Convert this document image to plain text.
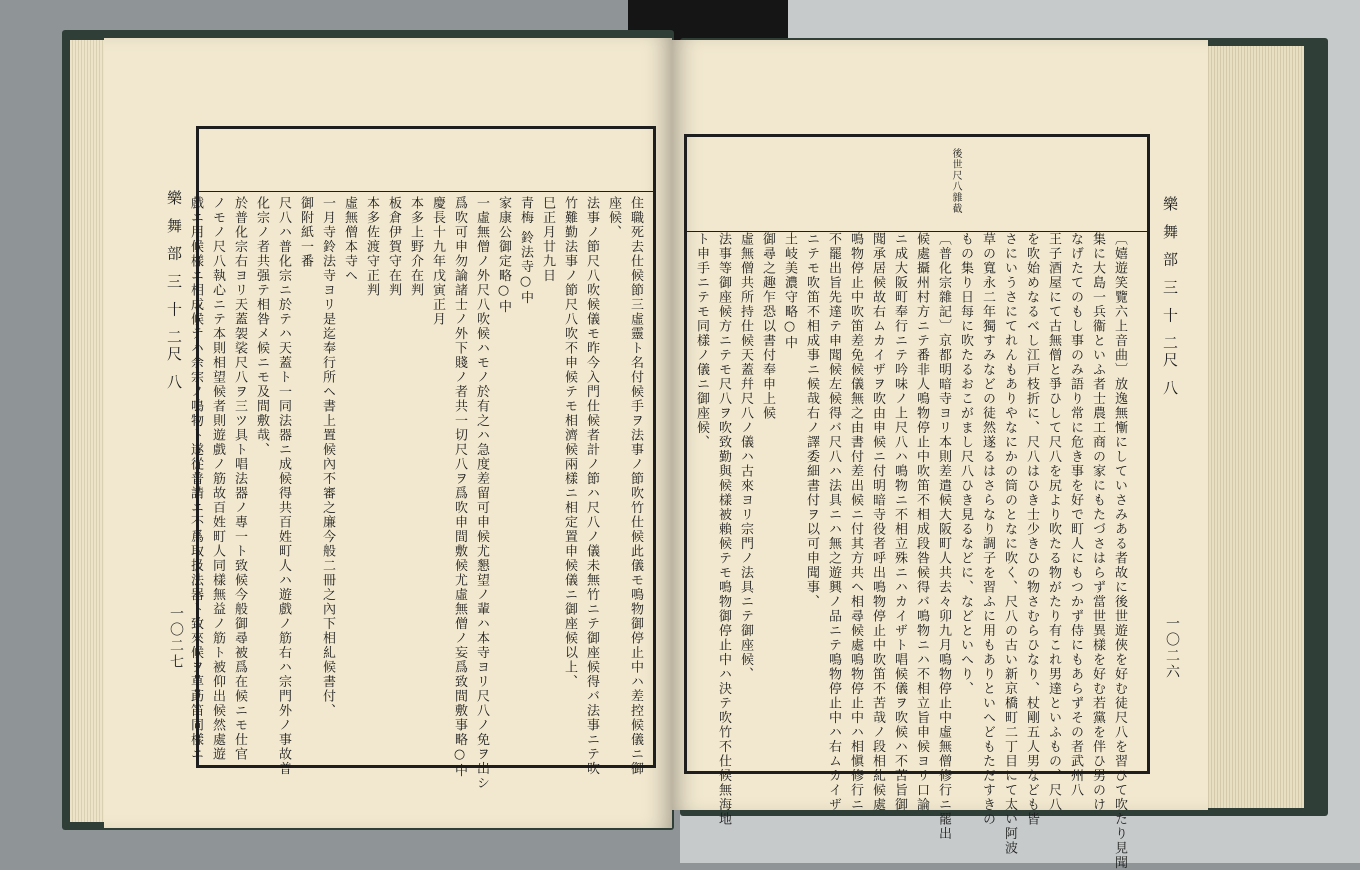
樂 舞 部 三 十 二
尺 八
一〇二七	住職死去仕候節三虛靈ト名付候手ヲ法事ノ節吹竹仕候此儀モ鳴物御停止中ハ差控候儀ニ御
座候、
法事ノ節尺八吹候儀モ昨今入門仕候者計ノ節ハ尺八ノ儀未無竹ニテ御座候得バ法事ニテ吹
竹難勤法事ノ節尺八吹不申候テモ相濟候兩樣ニ相定置申候儀ニ御座候以上、
巳正月廿九日
青梅 鈴法寺○中
家康公御定略○中
一虛無僧ノ外尺八吹候ハモノ於有之ハ急度差留可申候尤懇望ノ輩ハ本寺ヨリ尺八ノ免ヲ出シ
爲吹可申勿論諸士ノ外下賤ノ者共一切尺八ヲ爲吹申間敷候尤虛無僧ノ妄爲致間敷事略○中
慶長十九年戊寅正月
本多上野介在判
板倉伊賀守在判
本多佐渡守正判
虛無僧本寺ヘ
一月寺鈴法寺ヨリ是迄奉行所ヘ書上置候內不審之廉今般二冊之內下相糺候書付、
御附紙一番
尺八ハ普化宗ニ於テハ天蓋ト一同法器ニ成候得共百姓町人ハ遊戲ノ筋右ハ宗門外ノ事故普
化宗ノ者共强テ相咎メ候ニモ及間敷哉、
於普化宗右ヨリ天蓋袈裟尺八ヲ三ツ具ト唱法器ノ專一ト致候今般御尋被爲在候ニモ仕官
ノモノ尺八執心ニテ本則相望候者則遊戲ノ筋故百姓町人同樣無益ノ筋ト被仰出候然處遊
戲ニ用候樣ニ相成候テハ佘宗ノ鳴物ト遂從普請ニ不爲取扱法器ト致來候ヲ草莇笛同樣ニ
後世尺八雜截
樂 舞 部 三 十 二
尺 八
一〇二六
〔嬉遊笑覽六上音曲〕放逸無慚にしていさみある者故に後世遊俠を好む徒尺八を習ひて吹たり見聞
集に大島一兵衞といふ者士農工商の家にもたづさはらず當世異樣を好む若黨を伴ひ男のけ
なげたてのもし事のみ語り常に危き事を好で町人にもつかず侍にもあらずその者武州八
王子酒屋にて古無僧と爭ひして尺八を尻より吹たる物がたり有これ男達といふもの、尺八
を吹始めなるべし江戸枝折に、尺八はひき士少きひの物さむらひなり、杖剛五人男なども皆
さにいうさにてれんもありやなにかの筒のとなに吹く、尺八の古い新京橋町二丁目にて太い阿波
草の寬永二年獨すみなどの徒然遂るはさらなり調子を習ふに用もありといへどもただすきの
もの集り日每に吹たるおこがまし尺八ひき見るなどに、などといへり、
〔普化宗雜記〕京都明暗寺ヨリ本則差遣候大阪町人共去々卯九月鳴物停止中虛無僧修行ニ罷出
候處攝州村方ニテ番非人鳴物停止中吹笛不相成段咎候得バ鳴物ニハ不相立旨申候ヨリ口論
ニ成大阪町奉行ニテ吟味ノ上尺八ハ鳴物ニ不相立殊ニハカイザト唱候儀ヲ吹候ハ不苦旨御
聞承居候故右ムカイザヲ吹由申候ニ付明暗寺役者呼出鳴物停止中吹笛不苦哉ノ段相糺候處
鳴物停止中吹笛差免候儀無之由書付差出候ニ付其方共ヘ相尋候處鳴物停止中ハ相愼修行ニ
不罷出旨先達テ申聞候左候得バ尺八ハ法具ニハ無之遊興ノ品ニテ鳴物停止中ハ右ムカイザ
ニテモ吹笛不相成事ニ候哉右ノ譯委細書付ヲ以可申聞事、
土岐美濃守略○中
御尋之趣乍恐以書付奉申上候
虛無僧共所持仕候天蓋幷尺八ノ儀ハ古來ヨリ宗門ノ法具ニテ御座候、
法事等御座候方ニテモ尺八ヲ吹致勤與候樣被賴候テモ鳴物御停止中ハ決テ吹竹不仕候無海地
ト申手ニテモ同樣ノ儀ニ御座候、
